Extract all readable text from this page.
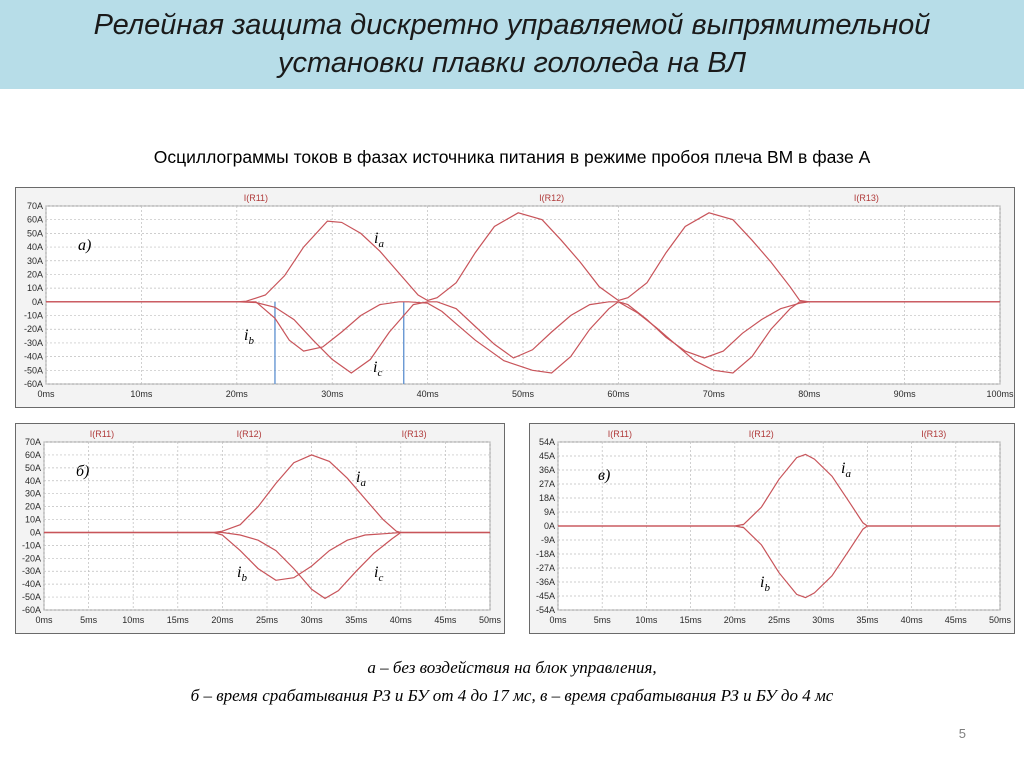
Релейная защита дискретно управляемой выпрямительной
установки плавки гололеда на ВЛ
Осциллограммы токов в фазах источника питания в режиме пробоя плеча ВМ в фазе А
70A
60A
50A
40A
30A
20A
10A
0A
-10A
-20A
-30A
-40A
-50A
-60A
0ms	10ms	20ms	30ms	40ms	50ms	60ms	70ms	80ms	90ms	100ms
I(R11)	I(R12)	I(R13)
$i_a$
$i_b$
$i_c$
а)
70A
60A
50A
40A
30A
20A
10A
0A
-10A
-20A
-30A
-40A
-50A
-60A
0ms	5ms	10ms	15ms	20ms	25ms	30ms	35ms	40ms	45ms	50ms
I(R11)	I(R12)	I(R13)
$i_a$
$i_b$	$i_c$
б)
54A
45A
36A
27A
18A
9A
0A
-9A
-18A
-27A
-36A
-45A
-54A
0ms	5ms	10ms 15ms 20ms 25ms 30ms 35ms 40ms 45ms 50ms
I(R11)	I(R12)	I(R13)
$i_a$
$i_b$
в)
а – без воздействия на блок управления,
б – время срабатывания РЗ и БУ от 4 до 17 мс, в – время срабатывания РЗ и БУ до 4 мс
5
